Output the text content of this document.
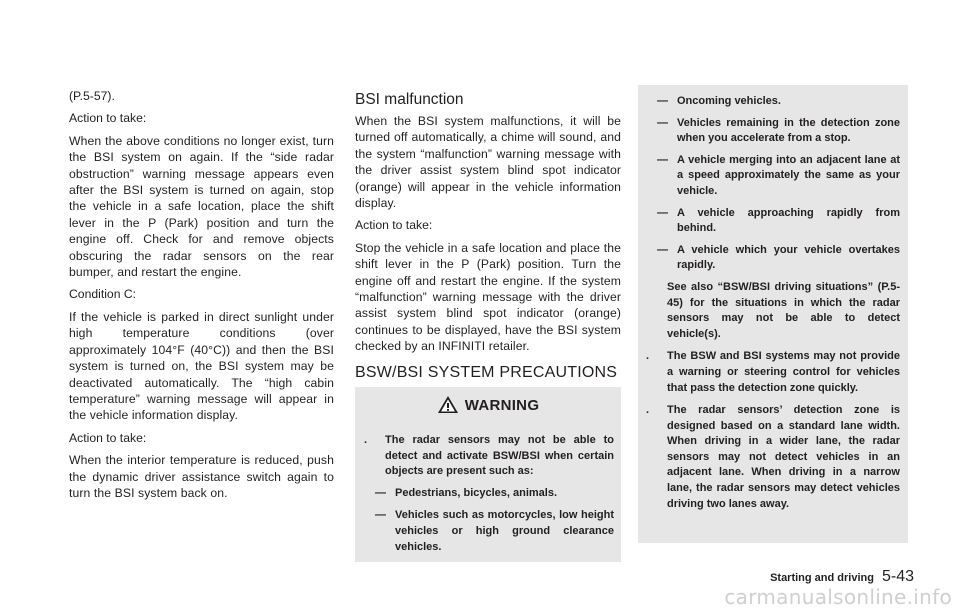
(P.5-57).

Action to take:

When the above conditions no longer exist, turn the BSI system on again. If the “side radar obstruction” warning message appears even after the BSI system is turned on again, stop the vehicle in a safe location, place the shift lever in the P (Park) position and turn the engine off. Check for and remove objects obscuring the radar sensors on the rear bumper, and restart the engine.

Condition C:

If the vehicle is parked in direct sunlight under high temperature conditions (over approximately 104°F (40°C)) and then the BSI system is turned on, the BSI system may be deactivated automatically. The “high cabin temperature” warning message will appear in the vehicle information display.

Action to take:

When the interior temperature is reduced, push the dynamic driver assistance switch again to turn the BSI system back on.

BSI malfunction

When the BSI system malfunctions, it will be turned off automatically, a chime will sound, and the system “malfunction” warning message with the driver assist system blind spot indicator (orange) will appear in the vehicle information display.

Action to take:

Stop the vehicle in a safe location and place the shift lever in the P (Park) position. Turn the engine off and restart the engine. If the system “malfunction” warning message with the driver assist system blind spot indicator (orange) continues to be displayed, have the BSI system checked by an INFINITI retailer.

BSW/BSI SYSTEM PRECAUTIONS
WARNING

. The radar sensors may not be able to detect and activate BSW/BSI when certain objects are present such as:

— Pedestrians, bicycles, animals.

— Vehicles such as motorcycles, low height vehicles or high ground clearance vehicles.

— Oncoming vehicles.

— Vehicles remaining in the detection zone when you accelerate from a stop.

— A vehicle merging into an adjacent lane at a speed approximately the same as your vehicle.

— A vehicle approaching rapidly from behind.

— A vehicle which your vehicle overtakes rapidly.

See also “BSW/BSI driving situations” (P.5-45) for the situations in which the radar sensors may not be able to detect vehicle(s).

. The BSW and BSI systems may not provide a warning or steering control for vehicles that pass the detection zone quickly.

. The radar sensors’ detection zone is designed based on a standard lane width. When driving in a wider lane, the radar sensors may not detect vehicles in an adjacent lane. When driving in a narrow lane, the radar sensors may detect vehicles driving two lanes away.

Starting and driving 5-43
carmanualsonline.info
